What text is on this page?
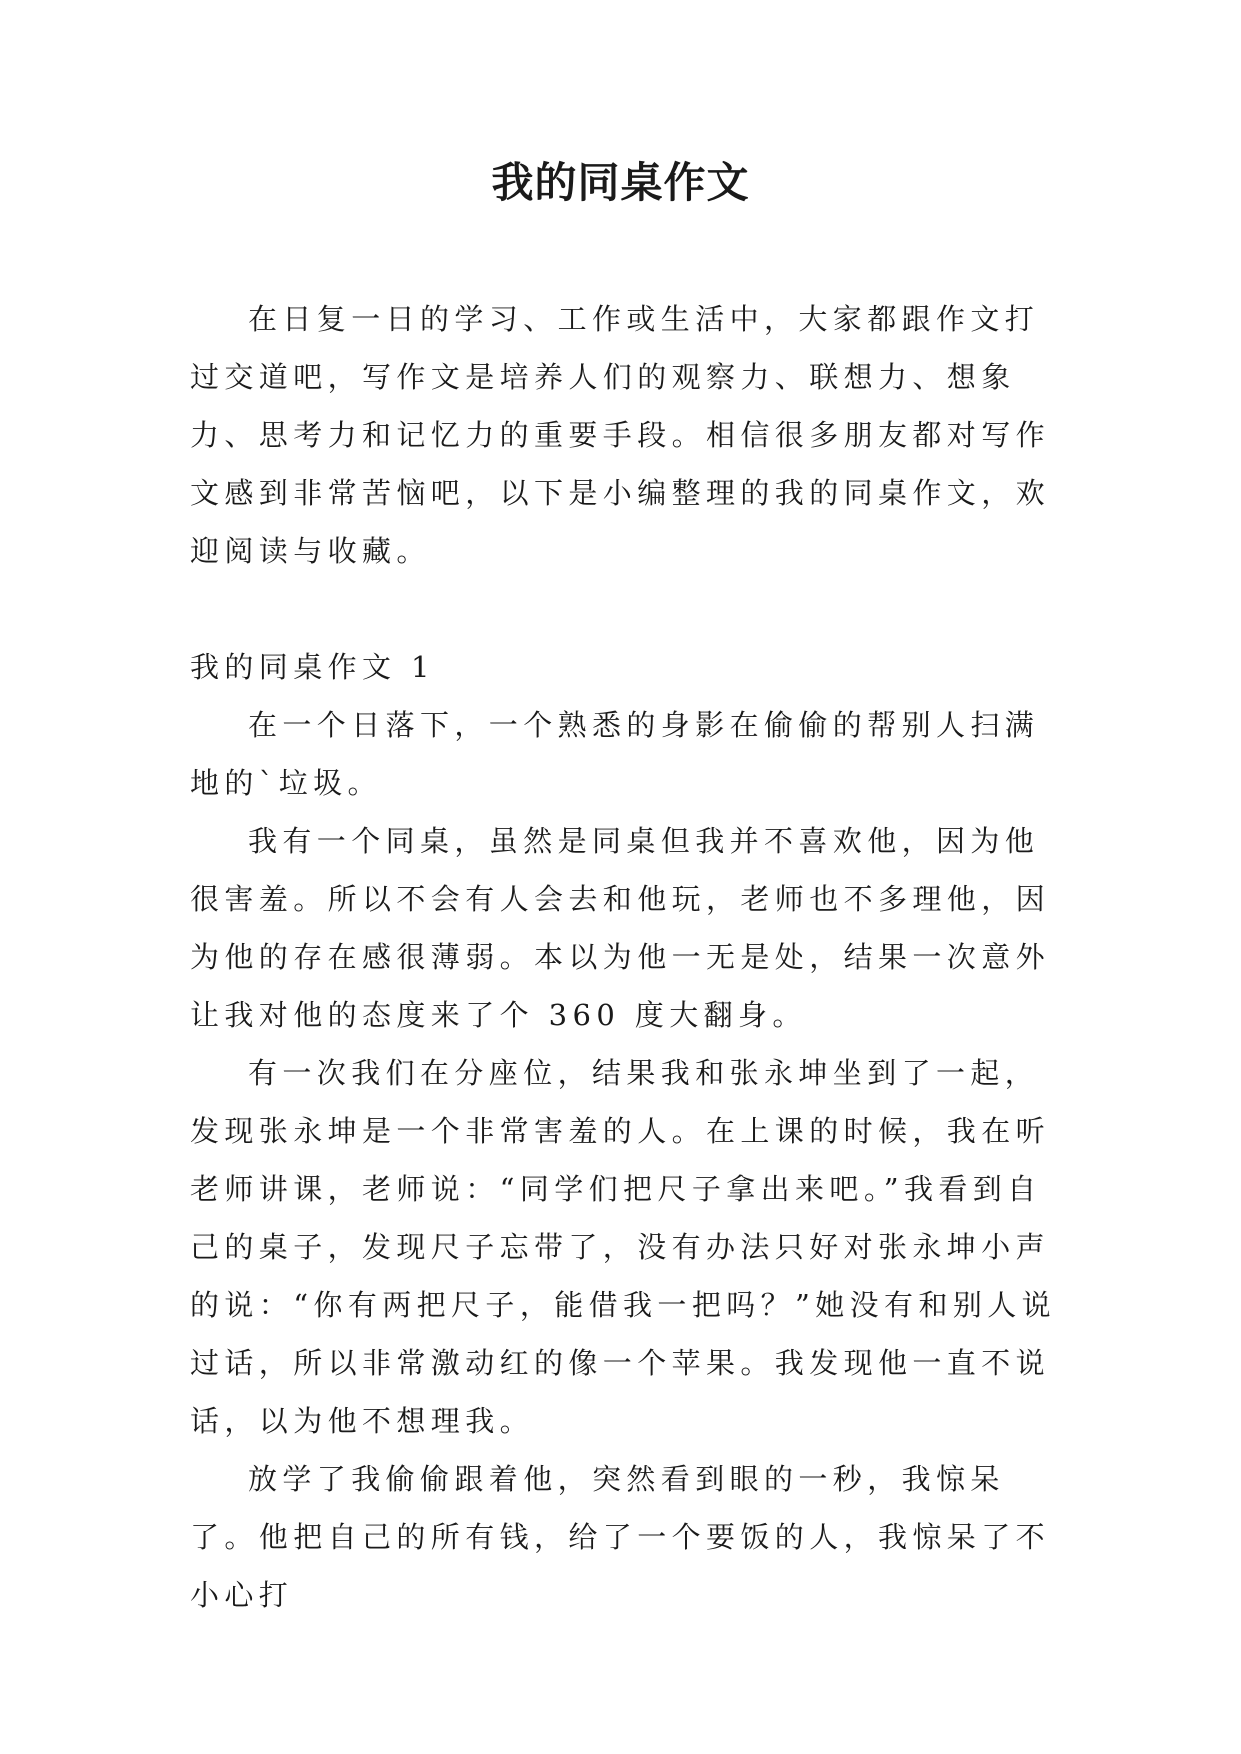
我的同桌作文

在日复一日的学习、工作或生活中，大家都跟作文打过交道吧，写作文是培养人们的观察力、联想力、想象力、思考力和记忆力的重要手段。相信很多朋友都对写作文感到非常苦恼吧，以下是小编整理的我的同桌作文，欢迎阅读与收藏。

我的同桌作文 1

在一个日落下，一个熟悉的身影在偷偷的帮别人扫满地的`垃圾。

我有一个同桌，虽然是同桌但我并不喜欢他，因为他很害羞。所以不会有人会去和他玩，老师也不多理他，因为他的存在感很薄弱。本以为他一无是处，结果一次意外让我对他的态度来了个 360 度大翻身。

有一次我们在分座位，结果我和张永坤坐到了一起，发现张永坤是一个非常害羞的人。在上课的时候，我在听老师讲课，老师说：“同学们把尺子拿出来吧。”我看到自己的桌子，发现尺子忘带了，没有办法只好对张永坤小声的说：“你有两把尺子，能借我一把吗？”她没有和别人说过话，所以非常激动红的像一个苹果。我发现他一直不说话，以为他不想理我。

放学了我偷偷跟着他，突然看到眼的一秒，我惊呆了。他把自己的所有钱，给了一个要饭的人，我惊呆了不小心打
